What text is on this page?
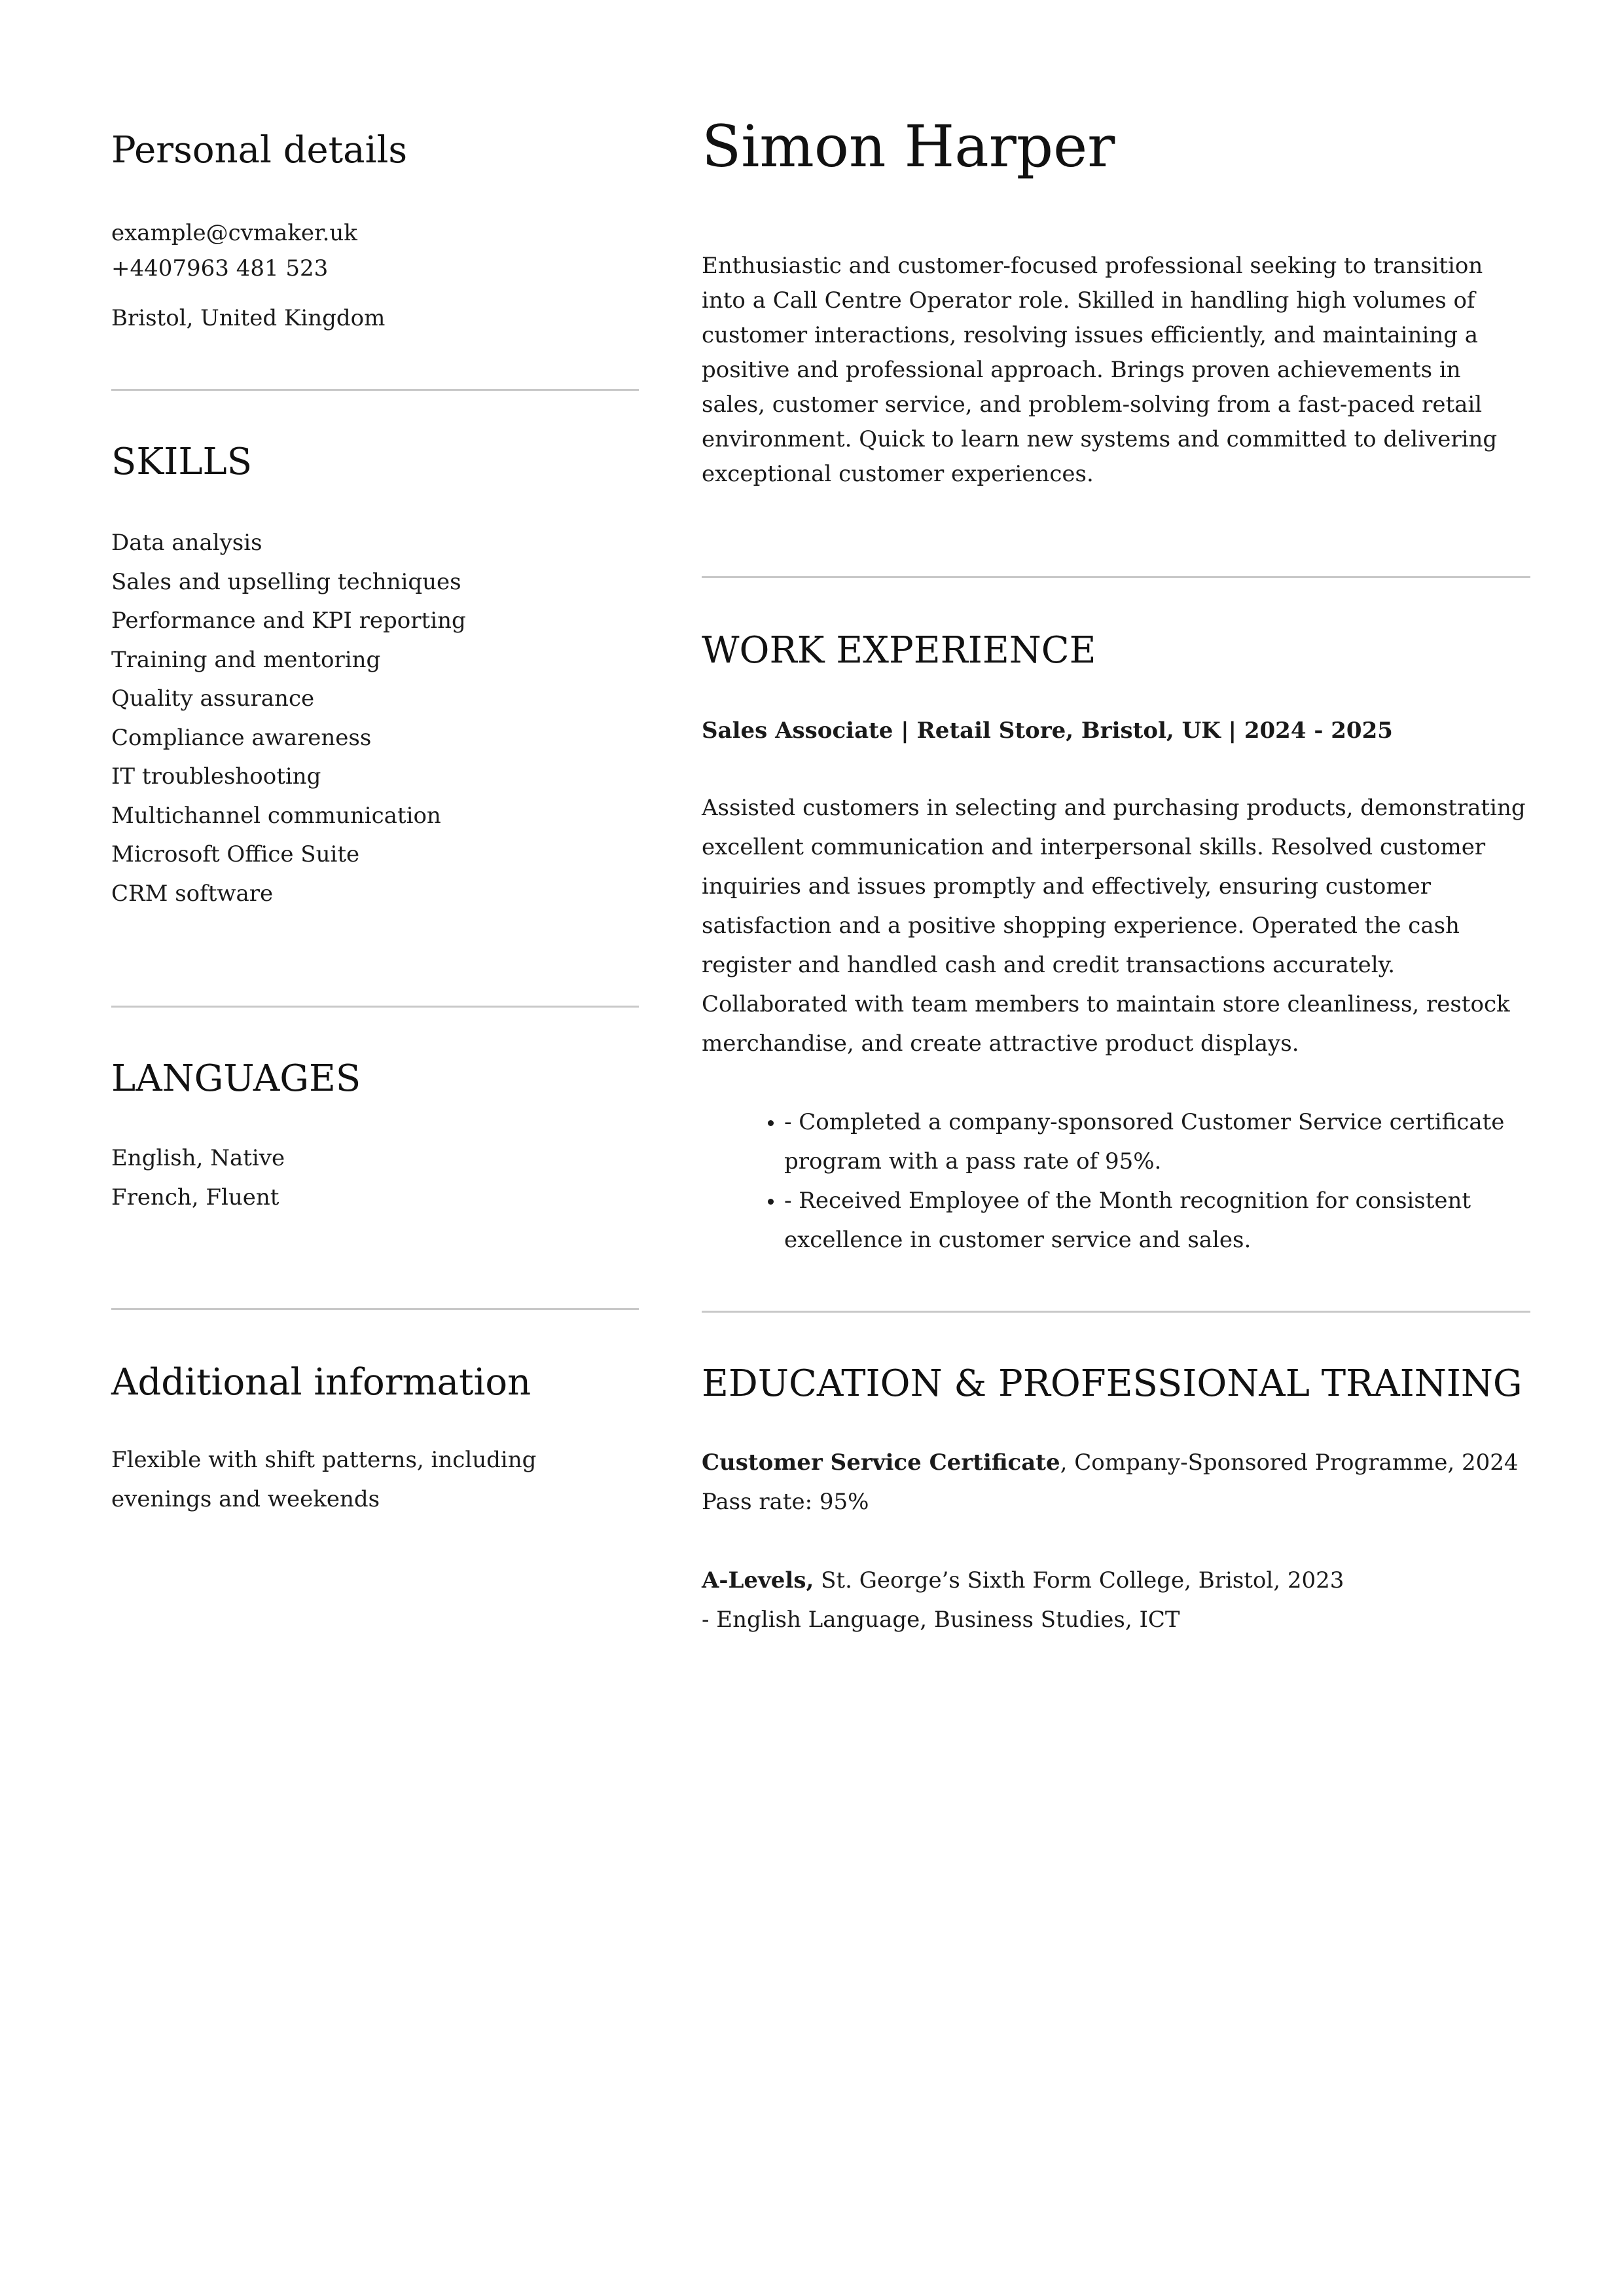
Personal details

example@cvmaker.uk

+4407963 481 523

Bristol, United Kingdom

SKILLS
Data analysis
Sales and upselling techniques
Performance and KPI reporting
Training and mentoring
Quality assurance
Compliance awareness
IT troubleshooting
Multichannel communication
Microsoft Office Suite
CRM software
LANGUAGES
English, Native
French, Fluent
Additional information

Flexible with shift patterns, including evenings and weekends

Simon Harper

Enthusiastic and customer-focused professional seeking to transition into a Call Centre Operator role. Skilled in handling high volumes of customer interactions, resolving issues efficiently, and maintaining a positive and professional approach. Brings proven achievements in sales, customer service, and problem-solving from a fast-paced retail environment. Quick to learn new systems and committed to delivering exceptional customer experiences.

WORK EXPERIENCE

Sales Associate | Retail Store, Bristol, UK | 2024 - 2025

Assisted customers in selecting and purchasing products, demonstrating excellent communication and interpersonal skills. Resolved customer inquiries and issues promptly and effectively, ensuring customer satisfaction and a positive shopping experience. Operated the cash register and handled cash and credit transactions accurately. Collaborated with team members to maintain store cleanliness, restock merchandise, and create attractive product displays.

• - Completed a company-sponsored Customer Service certificate program with a pass rate of 95%.
• - Received Employee of the Month recognition for consistent excellence in customer service and sales.
EDUCATION & PROFESSIONAL TRAINING

Customer Service Certificate, Company-Sponsored Programme, 2024

Pass rate: 95%

A-Levels, St. George’s Sixth Form College, Bristol, 2023

- English Language, Business Studies, ICT
